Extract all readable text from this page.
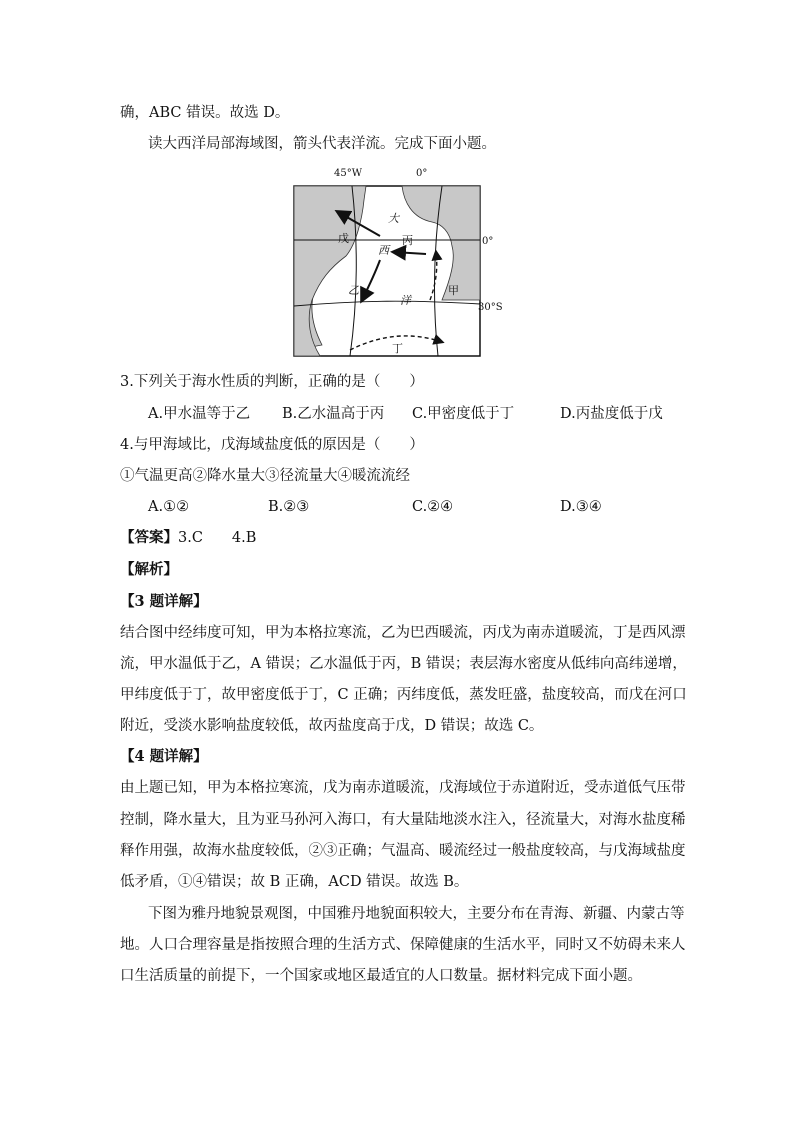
确，ABC 错误。故选 D。
读大西洋局部海域图，箭头代表洋流。完成下面小题。
45°W	0°
0°
30°S
大
西
洋
丙
戊
乙	甲
丁
3.下列关于海水性质的判断，正确的是（　　）
A.甲水温等于乙 B.乙水温高于丙 C.甲密度低于丁	D.丙盐度低于戊
4.与甲海域比，戊海域盐度低的原因是（　　）
①气温更高②降水量大③径流量大④暖流流经
A.①②	B.②③	C.②④	D.③④
【答案】3.C　　4.B
【解析】
【3 题详解】
结合图中经纬度可知，甲为本格拉寒流，乙为巴西暖流，丙戊为南赤道暖流，丁是西风漂
流，甲水温低于乙，A 错误；乙水温低于丙，B 错误；表层海水密度从低纬向高纬递增，
甲纬度低于丁，故甲密度低于丁，C 正确；丙纬度低，蒸发旺盛，盐度较高，而戊在河口
附近，受淡水影响盐度较低，故丙盐度高于戊，D 错误；故选 C。
【4 题详解】
由上题已知，甲为本格拉寒流，戊为南赤道暖流，戊海域位于赤道附近，受赤道低气压带
控制，降水量大，且为亚马孙河入海口，有大量陆地淡水注入，径流量大，对海水盐度稀
释作用强，故海水盐度较低，②③正确；气温高、暖流经过一般盐度较高，与戊海域盐度
低矛盾，①④错误；故 B 正确，ACD 错误。故选 B。
下图为雅丹地貌景观图，中国雅丹地貌面积较大，主要分布在青海、新疆、内蒙古等
地。人口合理容量是指按照合理的生活方式、保障健康的生活水平，同时又不妨碍未来人
口生活质量的前提下，一个国家或地区最适宜的人口数量。据材料完成下面小题。
